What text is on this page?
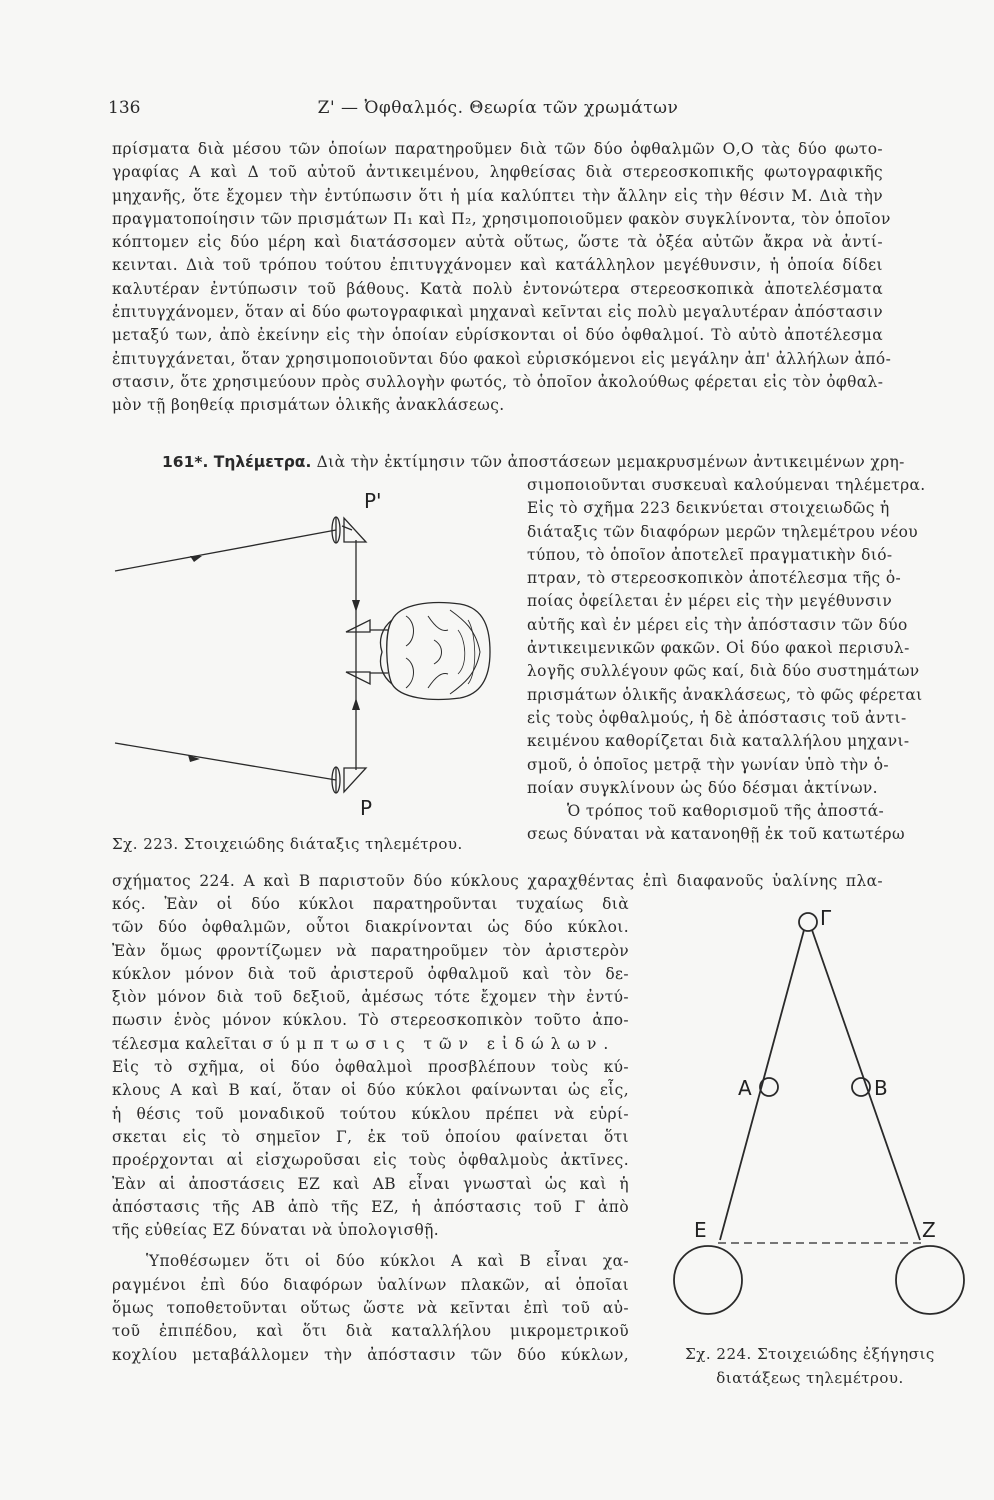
136	Ζ' — Ὀφθαλμός. Θεωρία τῶν χρωμάτων
πρίσματα διὰ μέσου τῶν ὁποίων παρατηροῦμεν διὰ τῶν δύο ὀφθαλμῶν Ο,Ο τὰς δύο φωτο-
γραφίας Α καὶ Δ τοῦ αὐτοῦ ἀντικειμένου, ληφθείσας διὰ στερεοσκοπικῆς φωτογραφικῆς
μηχανῆς, ὅτε ἔχομεν τὴν ἐντύπωσιν ὅτι ἡ μία καλύπτει τὴν ἄλλην εἰς τὴν θέσιν Μ. Διὰ τὴν
πραγματοποίησιν τῶν πρισμάτων Π₁ καὶ Π₂, χρησιμοποιοῦμεν φακὸν συγκλίνοντα, τὸν ὁποῖον
κόπτομεν εἰς δύο μέρη καὶ διατάσσομεν αὐτὰ οὕτως, ὥστε τὰ ὀξέα αὐτῶν ἄκρα νὰ ἀντί-
κεινται. Διὰ τοῦ τρόπου τούτου ἐπιτυγχάνομεν καὶ κατάλληλον μεγέθυνσιν, ἡ ὁποία δίδει
καλυτέραν ἐντύπωσιν τοῦ βάθους. Κατὰ πολὺ ἐντονώτερα στερεοσκοπικὰ ἀποτελέσματα
ἐπιτυγχάνομεν, ὅταν αἱ δύο φωτογραφικαὶ μηχαναὶ κεῖνται εἰς πολὺ μεγαλυτέραν ἀπόστασιν
μεταξύ των, ἀπὸ ἐκείνην εἰς τὴν ὁποίαν εὑρίσκονται οἱ δύο ὀφθαλμοί. Τὸ αὐτὸ ἀποτέλεσμα
ἐπιτυγχάνεται, ὅταν χρησιμοποιοῦνται δύο φακοὶ εὑρισκόμενοι εἰς μεγάλην ἀπ' ἀλλήλων ἀπό-
στασιν, ὅτε χρησιμεύουν πρὸς συλλογὴν φωτός, τὸ ὁποῖον ἀκολούθως φέρεται εἰς τὸν ὀφθαλ-
μὸν τῇ βοηθείᾳ πρισμάτων ὁλικῆς ἀνακλάσεως.
161*. Τηλέμετρα. Διὰ τὴν ἐκτίμησιν τῶν ἀποστάσεων μεμακρυσμένων ἀντικειμένων χρη-
σιμοποιοῦνται συσκευαὶ καλούμεναι τηλέμετρα.
Εἰς τὸ σχῆμα 223 δεικνύεται στοιχειωδῶς ἡ
διάταξις τῶν διαφόρων μερῶν τηλεμέτρου νέου
τύπου, τὸ ὁποῖον ἀποτελεῖ πραγματικὴν διό-
πτραν, τὸ στερεοσκοπικὸν ἀποτέλεσμα τῆς ὁ-
ποίας ὀφείλεται ἐν μέρει εἰς τὴν μεγέθυνσιν
αὐτῆς καὶ ἐν μέρει εἰς τὴν ἀπόστασιν τῶν δύο
ἀντικειμενικῶν φακῶν. Οἱ δύο φακοὶ περισυλ-
λογῆς συλλέγουν φῶς καί, διὰ δύο συστημάτων
πρισμάτων ὁλικῆς ἀνακλάσεως, τὸ φῶς φέρεται
εἰς τοὺς ὀφθαλμούς, ἡ δὲ ἀπόστασις τοῦ ἀντι-
κειμένου καθορίζεται διὰ καταλλήλου μηχανι-
σμοῦ, ὁ ὁποῖος μετρᾷ τὴν γωνίαν ὑπὸ τὴν ὁ-
ποίαν συγκλίνουν ὡς δύο δέσμαι ἀκτίνων.
Ὁ τρόπος τοῦ καθορισμοῦ τῆς ἀποστά-
σεως δύναται νὰ κατανοηθῇ ἐκ τοῦ κατωτέρω
P'
P
Σχ. 223. Στοιχειώδης διάταξις τηλεμέτρου.
σχήματος 224. Α καὶ Β παριστοῦν δύο κύκλους χαραχθέντας ἐπὶ διαφανοῦς ὑαλίνης πλα-
κός. Ἐὰν οἱ δύο κύκλοι παρατηροῦνται τυχαίως διὰ
τῶν δύο ὀφθαλμῶν, οὗτοι διακρίνονται ὡς δύο κύκλοι.
Ἐὰν ὅμως φροντίζωμεν νὰ παρατηροῦμεν τὸν ἀριστερὸν
κύκλον μόνον διὰ τοῦ ἀριστεροῦ ὀφθαλμοῦ καὶ τὸν δε-
ξιὸν μόνον διὰ τοῦ δεξιοῦ, ἀμέσως τότε ἔχομεν τὴν ἐντύ-
πωσιν ἑνὸς μόνον κύκλου. Τὸ στερεοσκοπικὸν τοῦτο ἀπο-
τέλεσμα καλεῖται σύμπτωσις τῶν εἰδώλων.
Εἰς τὸ σχῆμα, οἱ δύο ὀφθαλμοὶ προσβλέπουν τοὺς κύ-
κλους Α καὶ Β καί, ὅταν οἱ δύο κύκλοι φαίνωνται ὡς εἷς,
ἡ θέσις τοῦ μοναδικοῦ τούτου κύκλου πρέπει νὰ εὑρί-
σκεται εἰς τὸ σημεῖον Γ, ἐκ τοῦ ὁποίου φαίνεται ὅτι
προέρχονται αἱ εἰσχωροῦσαι εἰς τοὺς ὀφθαλμοὺς ἀκτῖνες.
Ἐὰν αἱ ἀποστάσεις ΕΖ καὶ ΑΒ εἶναι γνωσταὶ ὡς καὶ ἡ
ἀπόστασις τῆς ΑΒ ἀπὸ τῆς ΕΖ, ἡ ἀπόστασις τοῦ Γ ἀπὸ
τῆς εὐθείας ΕΖ δύναται νὰ ὑπολογισθῇ.
Ὑποθέσωμεν ὅτι οἱ δύο κύκλοι Α καὶ Β εἶναι χα-
ραγμένοι ἐπὶ δύο διαφόρων ὑαλίνων πλακῶν, αἱ ὁποῖαι
ὅμως τοποθετοῦνται οὕτως ὥστε νὰ κεῖνται ἐπὶ τοῦ αὐ-
τοῦ ἐπιπέδου, καὶ ὅτι διὰ καταλλήλου μικρομετρικοῦ
κοχλίου μεταβάλλομεν τὴν ἀπόστασιν τῶν δύο κύκλων,
Γ
A	B
E	Z
Σχ. 224. Στοιχειώδης ἐξήγησις
διατάξεως τηλεμέτρου.
